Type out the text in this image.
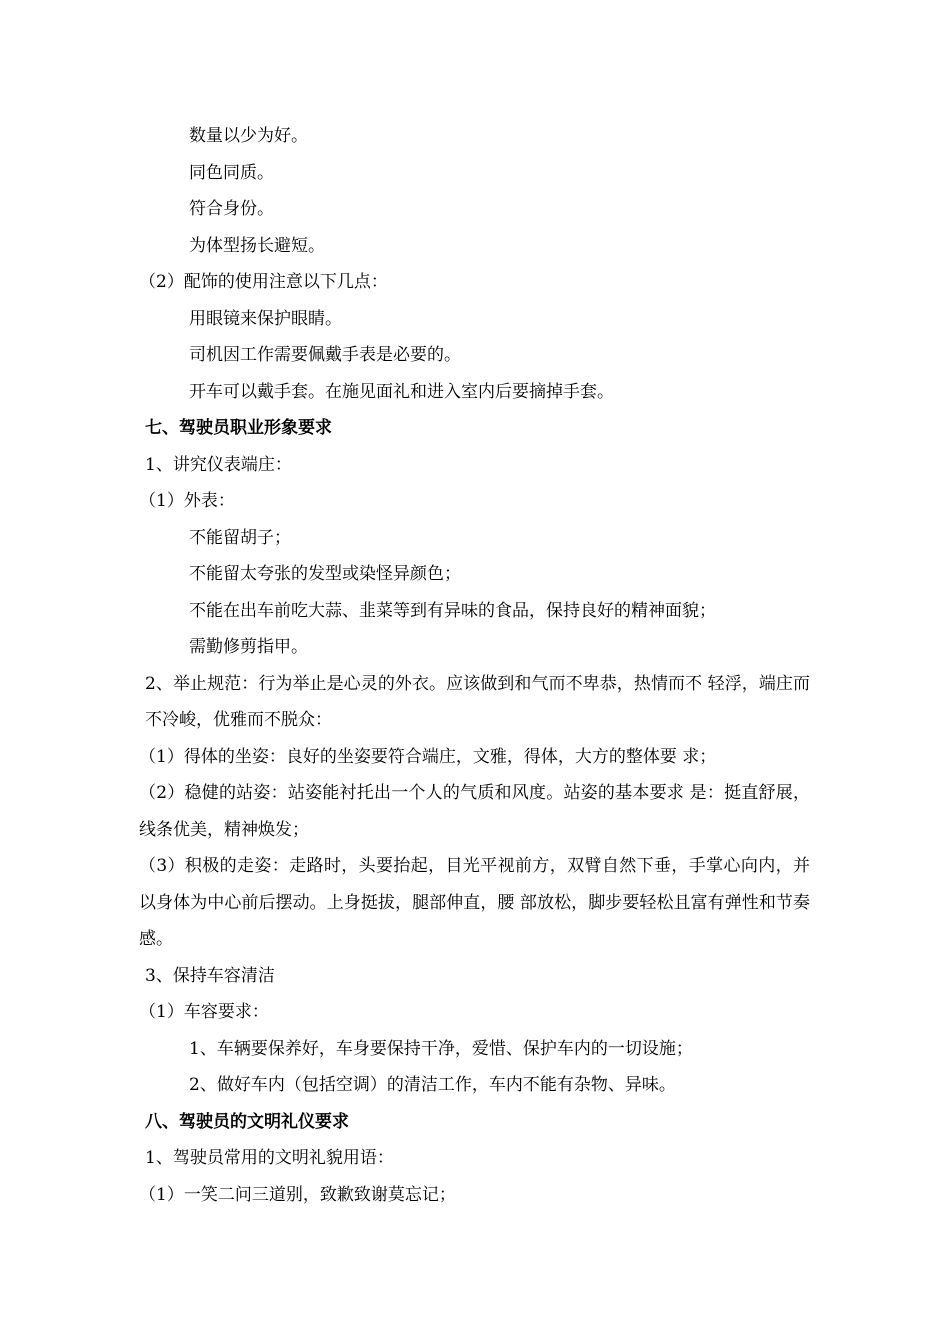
数量以少为好。
同色同质。
符合身份。
为体型扬长避短。
（2）配饰的使用注意以下几点：
用眼镜来保护眼睛。
司机因工作需要佩戴手表是必要的。
开车可以戴手套。在施见面礼和进入室内后要摘掉手套。
七、驾驶员职业形象要求
1、讲究仪表端庄：
（1）外表：
不能留胡子；
不能留太夸张的发型或染怪异颜色；
不能在出车前吃大蒜、韭菜等到有异味的食品，保持良好的精神面貌；
需勤修剪指甲。
2、举止规范：行为举止是心灵的外衣。应该做到和气而不卑恭，热情而不 轻浮，端庄而不冷峻，优雅而不脱众：
（1）得体的坐姿：良好的坐姿要符合端庄，文雅，得体，大方的整体要 求；
（2）稳健的站姿：站姿能衬托出一个人的气质和风度。站姿的基本要求 是：挺直舒展，线条优美，精神焕发；
（3）积极的走姿：走路时，头要抬起，目光平视前方，双臂自然下垂，手掌心向内，并以身体为中心前后摆动。上身挺拔，腿部伸直，腰 部放松，脚步要轻松且富有弹性和节奏感。
3、保持车容清洁
（1）车容要求：
1、车辆要保养好，车身要保持干净，爱惜、保护车内的一切设施；
2、做好车内（包括空调）的清洁工作，车内不能有杂物、异味。
八、驾驶员的文明礼仪要求
1、驾驶员常用的文明礼貌用语：
（1）一笑二问三道别，致歉致谢莫忘记；
